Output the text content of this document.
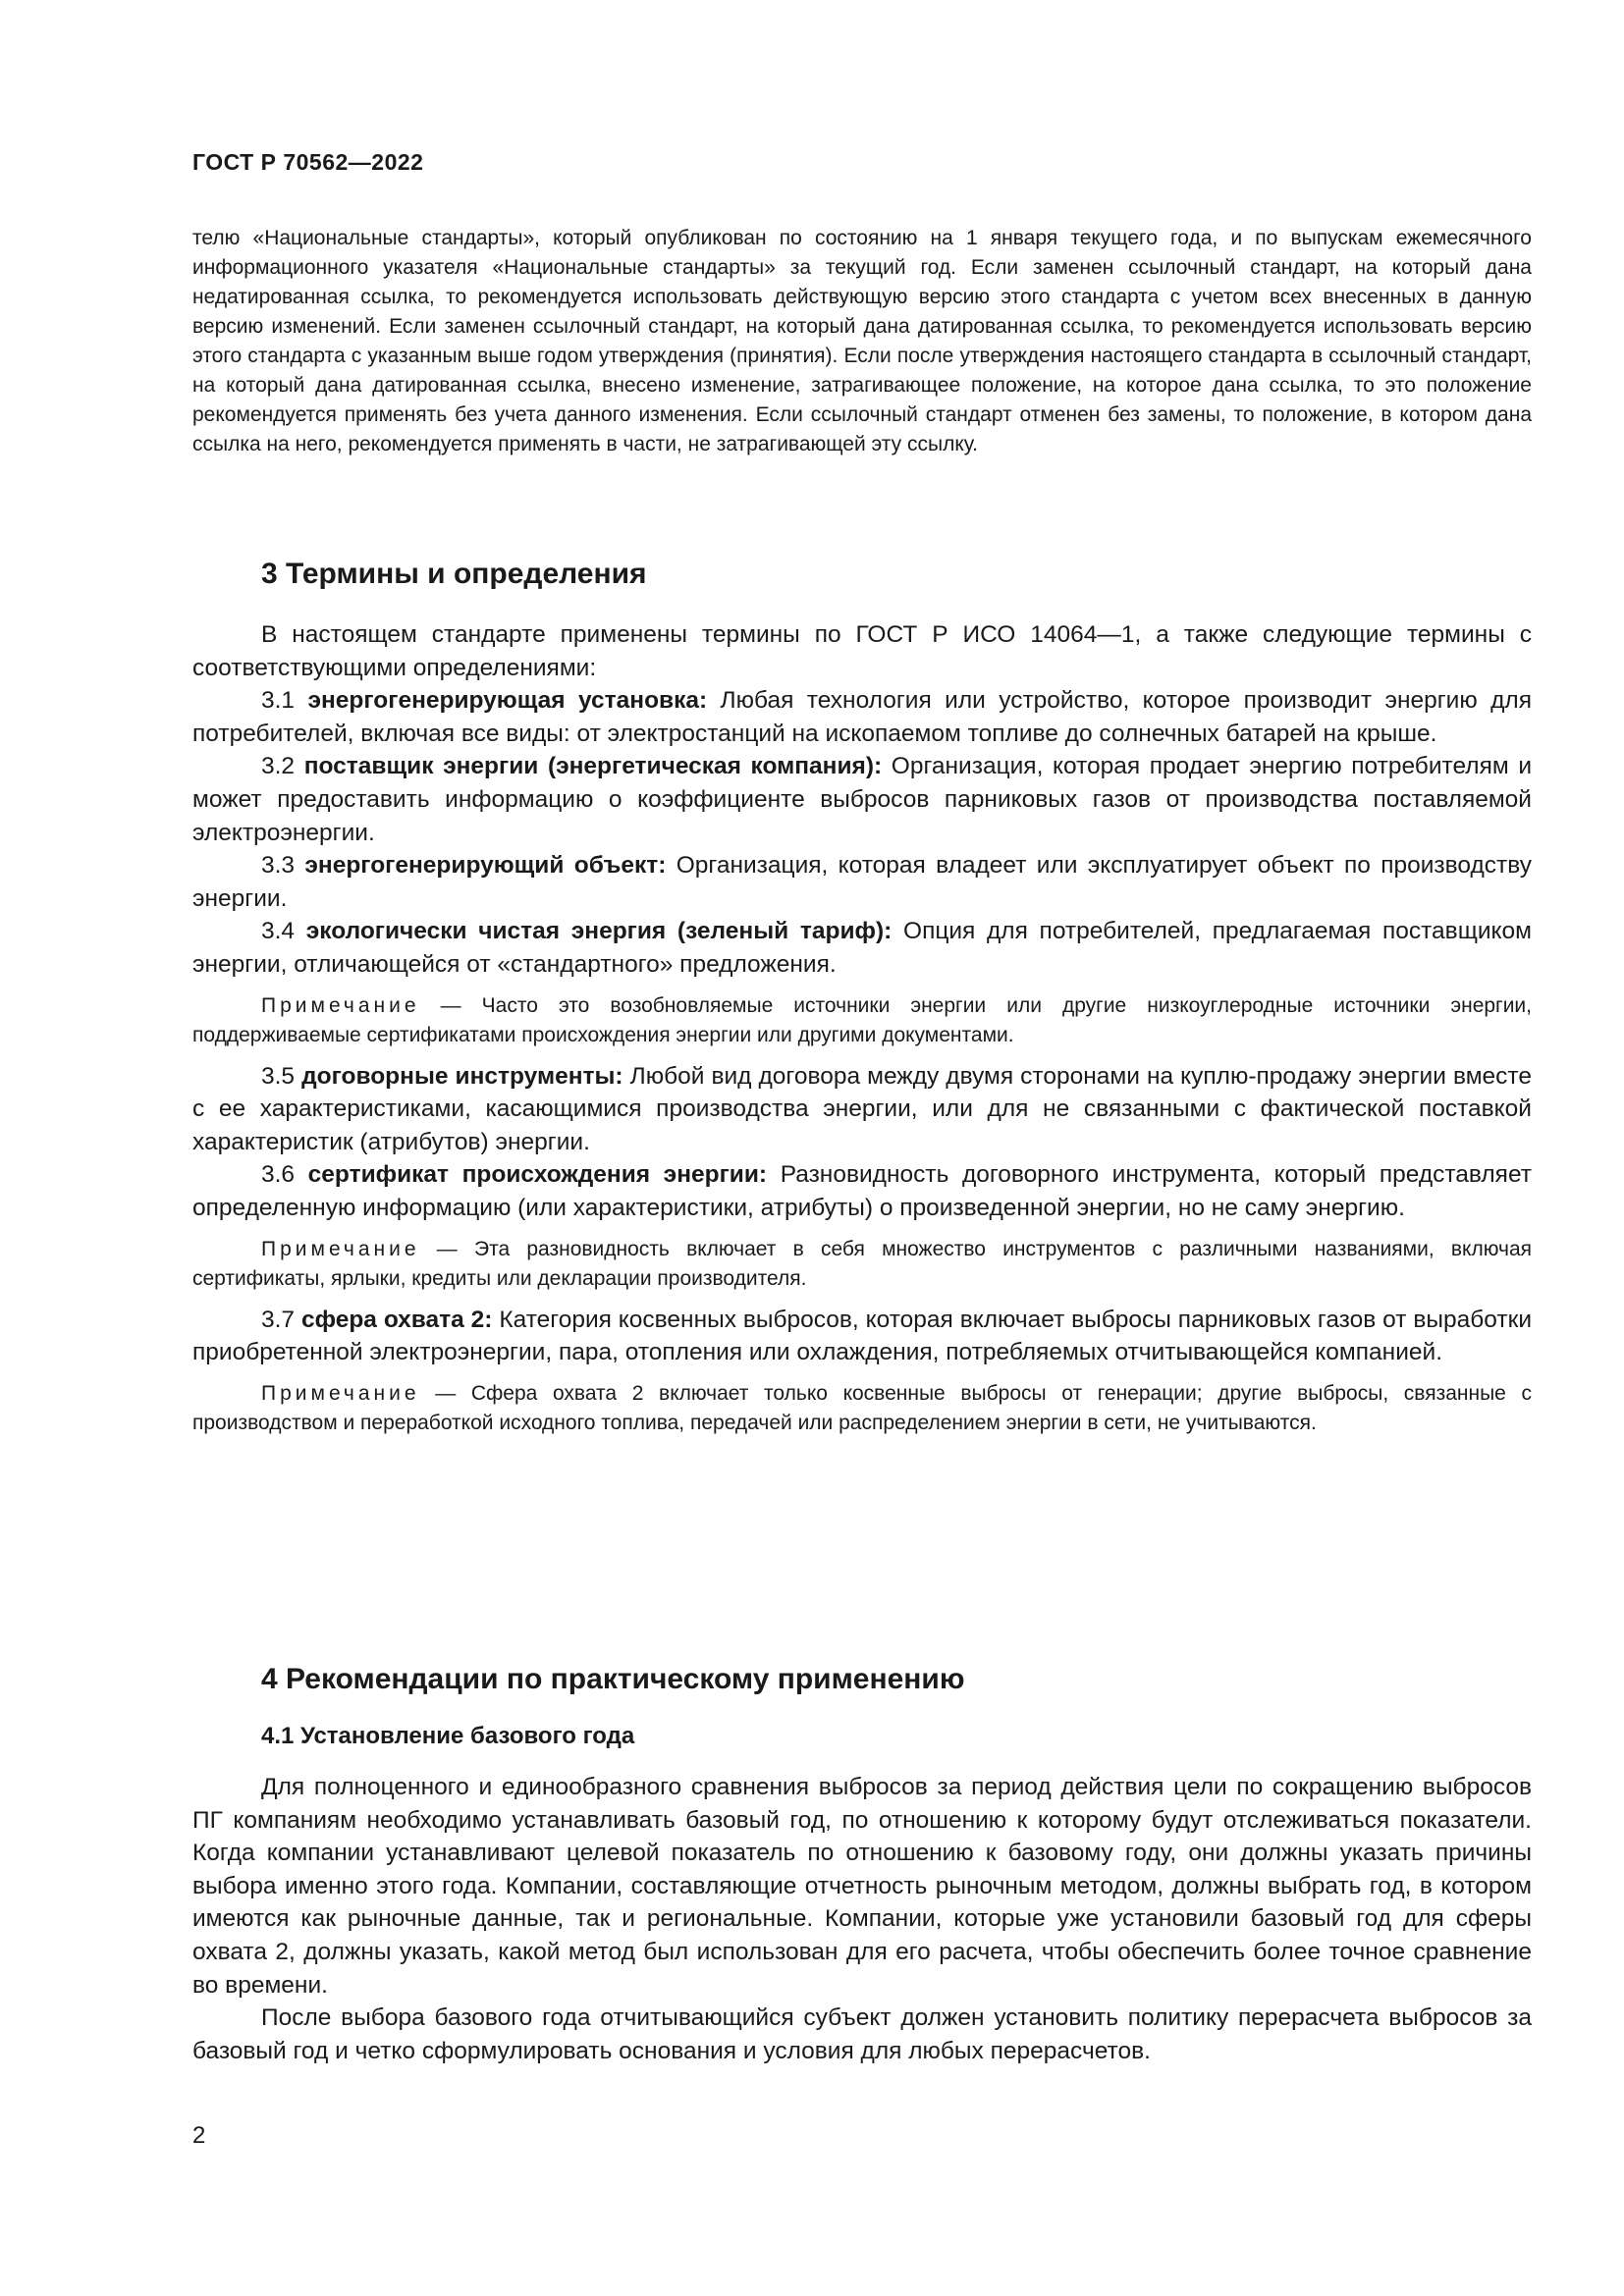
ГОСТ Р 70562—2022
телю «Национальные стандарты», который опубликован по состоянию на 1 января текущего года, и по выпускам ежемесячного информационного указателя «Национальные стандарты» за текущий год. Если заменен ссылочный стандарт, на который дана недатированная ссылка, то рекомендуется использовать действующую версию этого стандарта с учетом всех внесенных в данную версию изменений. Если заменен ссылочный стандарт, на который дана датированная ссылка, то рекомендуется использовать версию этого стандарта с указанным выше годом утверждения (принятия). Если после утверждения настоящего стандарта в ссылочный стандарт, на который дана датированная ссылка, внесено изменение, затрагивающее положение, на которое дана ссылка, то это положение рекомендуется применять без учета данного изменения. Если ссылочный стандарт отменен без замены, то положение, в котором дана ссылка на него, рекомендуется применять в части, не затрагивающей эту ссылку.
3 Термины и определения

В настоящем стандарте применены термины по ГОСТ Р ИСО 14064—1, а также следующие термины с соответствующими определениями:

3.1 энергогенерирующая установка: Любая технология или устройство, которое производит энергию для потребителей, включая все виды: от электростанций на ископаемом топливе до солнечных батарей на крыше.

3.2 поставщик энергии (энергетическая компания): Организация, которая продает энергию потребителям и может предоставить информацию о коэффициенте выбросов парниковых газов от производства поставляемой электроэнергии.

3.3 энергогенерирующий объект: Организация, которая владеет или эксплуатирует объект по производству энергии.

3.4 экологически чистая энергия (зеленый тариф): Опция для потребителей, предлагаемая поставщиком энергии, отличающейся от «стандартного» предложения.

Примечание — Часто это возобновляемые источники энергии или другие низкоуглеродные источники энергии, поддерживаемые сертификатами происхождения энергии или другими документами.

3.5 договорные инструменты: Любой вид договора между двумя сторонами на куплю-продажу энергии вместе с ее характеристиками, касающимися производства энергии, или для не связанными с фактической поставкой характеристик (атрибутов) энергии.

3.6 сертификат происхождения энергии: Разновидность договорного инструмента, который представляет определенную информацию (или характеристики, атрибуты) о произведенной энергии, но не саму энергию.

Примечание — Эта разновидность включает в себя множество инструментов с различными названиями, включая сертификаты, ярлыки, кредиты или декларации производителя.

3.7 сфера охвата 2: Категория косвенных выбросов, которая включает выбросы парниковых газов от выработки приобретенной электроэнергии, пара, отопления или охлаждения, потребляемых отчитывающейся компанией.

Примечание — Сфера охвата 2 включает только косвенные выбросы от генерации; другие выбросы, связанные с производством и переработкой исходного топлива, передачей или распределением энергии в сети, не учитываются.

4 Рекомендации по практическому применению
4.1 Установление базового года

Для полноценного и единообразного сравнения выбросов за период действия цели по сокращению выбросов ПГ компаниям необходимо устанавливать базовый год, по отношению к которому будут отслеживаться показатели. Когда компании устанавливают целевой показатель по отношению к базовому году, они должны указать причины выбора именно этого года. Компании, составляющие отчетность рыночным методом, должны выбрать год, в котором имеются как рыночные данные, так и региональные. Компании, которые уже установили базовый год для сферы охвата 2, должны указать, какой метод был использован для его расчета, чтобы обеспечить более точное сравнение во времени.

После выбора базового года отчитывающийся субъект должен установить политику перерасчета выбросов за базовый год и четко сформулировать основания и условия для любых перерасчетов.

2
